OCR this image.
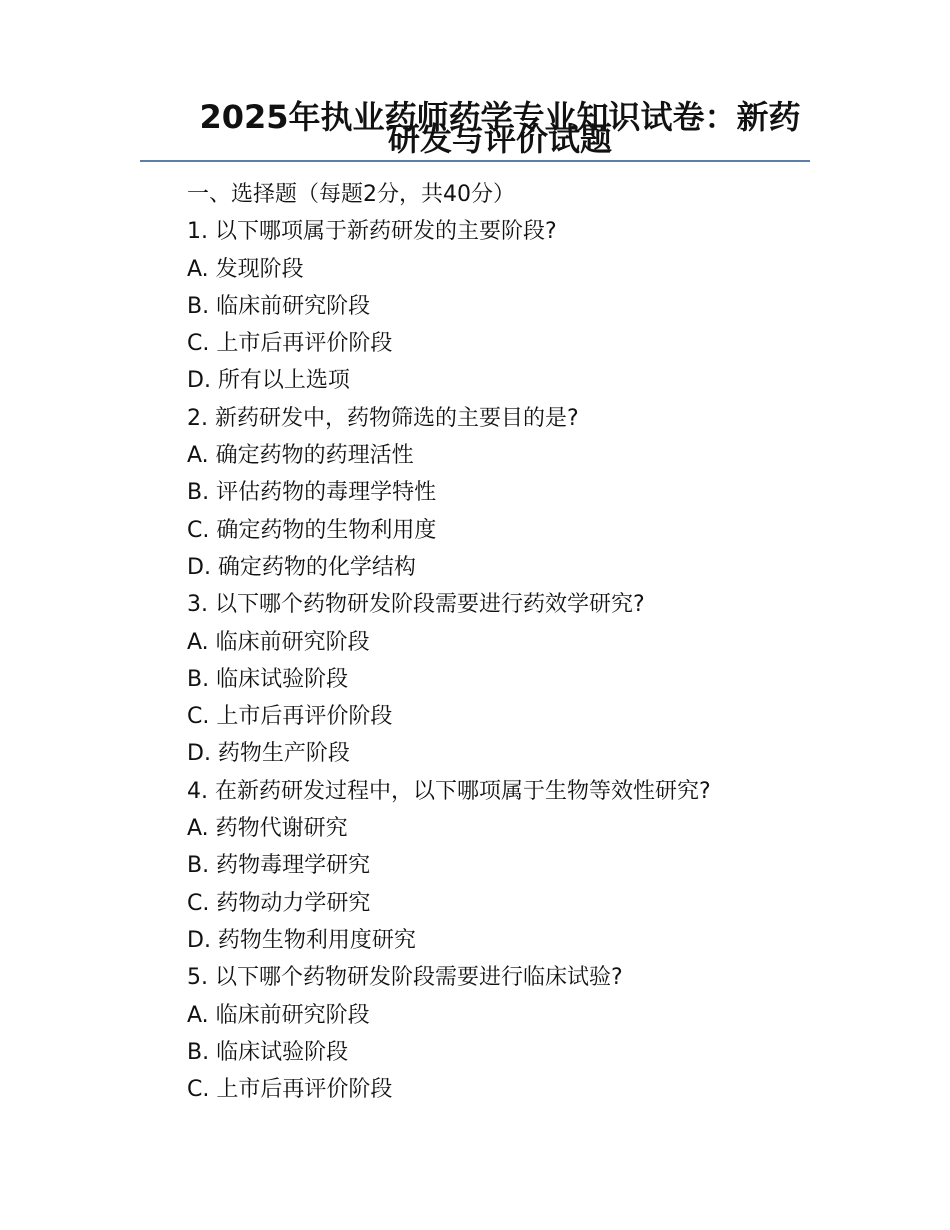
2025年执业药师药学专业知识试卷：新药研发与评价试题
一、选择题（每题2分，共40分）
1. 以下哪项属于新药研发的主要阶段?
A. 发现阶段
B. 临床前研究阶段
C. 上市后再评价阶段
D. 所有以上选项
2. 新药研发中，药物筛选的主要目的是?
A. 确定药物的药理活性
B. 评估药物的毒理学特性
C. 确定药物的生物利用度
D. 确定药物的化学结构
3. 以下哪个药物研发阶段需要进行药效学研究?
A. 临床前研究阶段
B. 临床试验阶段
C. 上市后再评价阶段
D. 药物生产阶段
4. 在新药研发过程中，以下哪项属于生物等效性研究?
A. 药物代谢研究
B. 药物毒理学研究
C. 药物动力学研究
D. 药物生物利用度研究
5. 以下哪个药物研发阶段需要进行临床试验?
A. 临床前研究阶段
B. 临床试验阶段
C. 上市后再评价阶段
